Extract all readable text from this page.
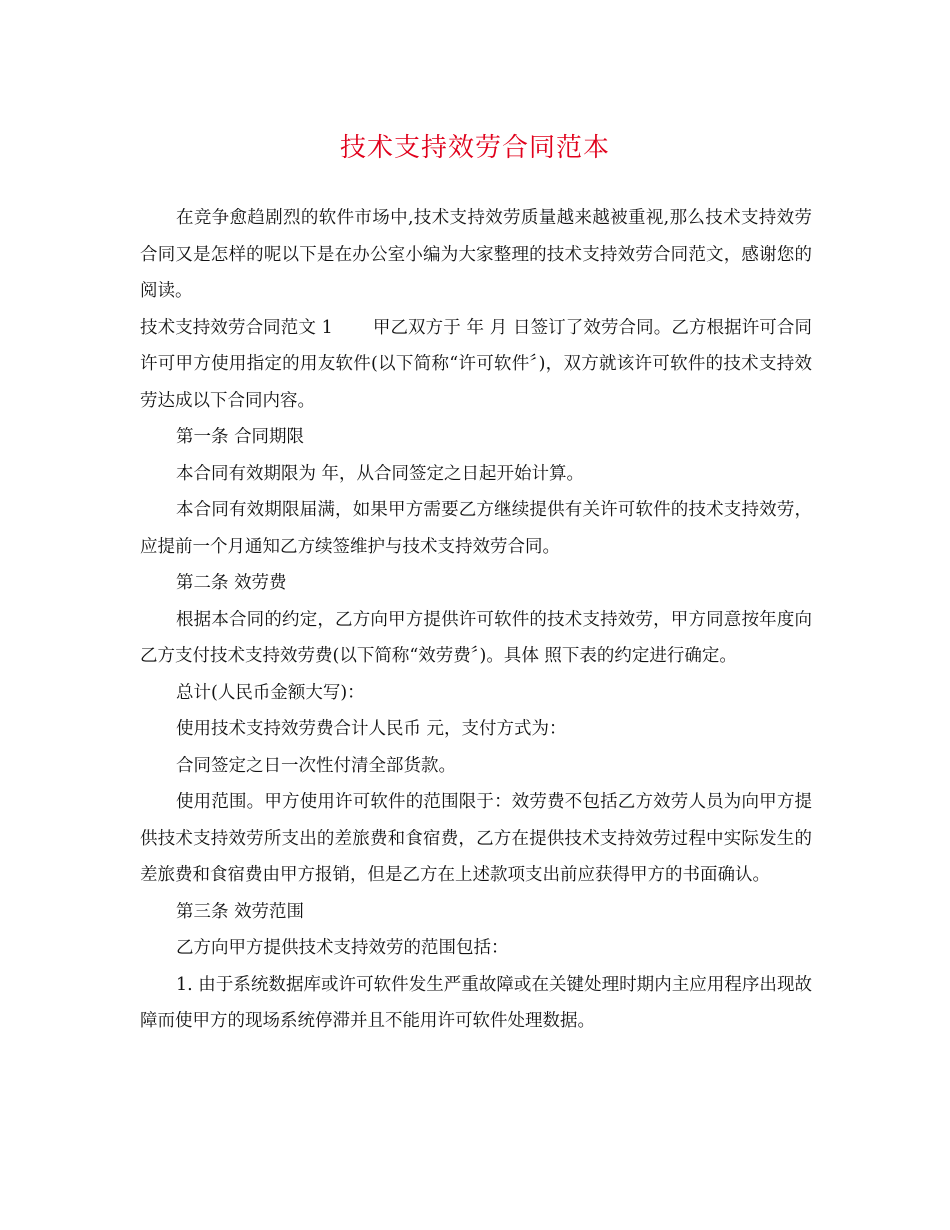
技术支持效劳合同范本

在竞争愈趋剧烈的软件市场中,技术支持效劳质量越来越被重视,那么技术支持效劳合同又是怎样的呢以下是在办公室小编为大家整理的技术支持效劳合同范文，感谢您的阅读。

技术支持效劳合同范文 1 甲乙双方于 年 月 日签订了效劳合同。乙方根据许可合同许可甲方使用指定的用友软件(以下简称“许可软件〞)，双方就该许可软件的技术支持效劳达成以下合同内容。

第一条 合同期限

本合同有效期限为 年，从合同签定之日起开始计算。

本合同有效期限届满，如果甲方需要乙方继续提供有关许可软件的技术支持效劳，应提前一个月通知乙方续签维护与技术支持效劳合同。

第二条 效劳费

根据本合同的约定，乙方向甲方提供许可软件的技术支持效劳，甲方同意按年度向乙方支付技术支持效劳费(以下简称“效劳费〞)。具体 照下表的约定进行确定。

总计(人民币金额大写)：

使用技术支持效劳费合计人民币 元，支付方式为：

合同签定之日一次性付清全部货款。

使用范围。甲方使用许可软件的范围限于：效劳费不包括乙方效劳人员为向甲方提供技术支持效劳所支出的差旅费和食宿费，乙方在提供技术支持效劳过程中实际发生的差旅费和食宿费由甲方报销，但是乙方在上述款项支出前应获得甲方的书面确认。

第三条 效劳范围

乙方向甲方提供技术支持效劳的范围包括：

1. 由于系统数据库或许可软件发生严重故障或在关键处理时期内主应用程序出现故障而使甲方的现场系统停滞并且不能用许可软件处理数据。
